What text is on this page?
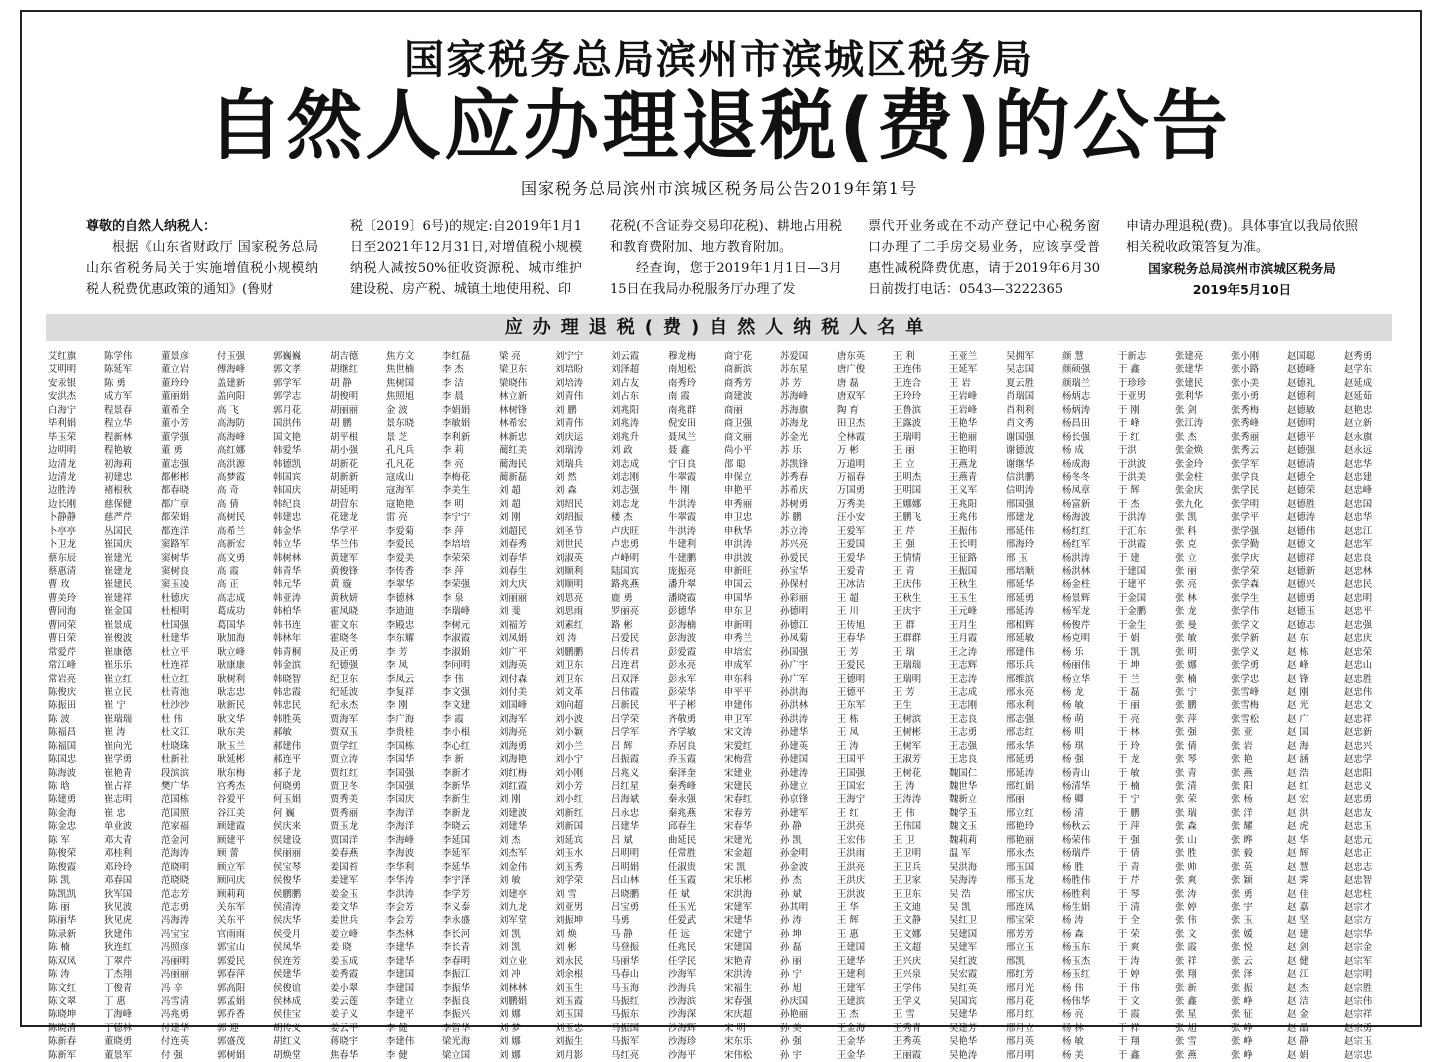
国家税务总局滨州市滨城区税务局
自然人应办理退税(费)的公告
国家税务总局滨州市滨城区税务局公告2019年第1号
尊敬的自然人纳税人：

根据《山东省财政厅 国家税务总局山东省税务局关于实施增值税小规模纳税人税费优惠政策的通知》(鲁财

税〔2019〕6号)的规定:自2019年1月1日至2021年12月31日,对增值税小规模纳税人减按50%征收资源税、城市维护建设税、房产税、城镇土地使用税、印

花税(不含证券交易印花税)、耕地占用税和教育费附加、地方教育附加。

经查询，您于2019年1月1日—3月15日在我局办税服务厅办理了发

票代开业务或在不动产登记中心税务窗口办理了二手房交易业务，应该享受普惠性减税降费优惠，请于2019年6月30日前拨打电话：0543—3222365

申请办理退税(费)。具体事宜以我局依照相关税收政策答复为准。

国家税务总局滨州市滨城区税务局
2019年5月10日
应办理退税(费)自然人纳税人名单
艾红旗
艾明明
安汞银
安洪杰
白海宁
毕利娟
毕玉荣
边明明
边清龙
边清龙
边胜涛
边长刚
卜静静
卜亭亭
卜卫龙
蔡东辰
蔡惠清
曹 玫
曹美玲
曹同海
曹同荣
曹日荣
常爱芹
常江峰
常岩亮
陈俊庆
陈振田
陈 波
陈福昌
陈福国
陈国忠
陈海波
陈 晗
陈建勇
陈金海
陈金忠
陈 军
陈俊荣
陈俊霞
陈 凯
陈凯凯
陈 丽
陈丽华
陈录新
陈 楠
陈双凤
陈 涛
陈文红
陈文翠
陈晓坤
陈晓清
陈新春
陈新军
陈学伟
陈延军
陈 勇
成方军
程景春
程立华
程新林
程艳敏
初海莉
初建忠
褚根秋
慈保健
慈严芹
丛国民
崔国庆
崔建光
崔建龙
崔建民
崔建祥
崔金国
崔景成
崔俊波
崔康德
崔乐乐
崔立红
崔立民
崔 宁
崔瑞瑞
崔 涛
崔向光
崔学勇
崔艳青
崔占祥
崔志明
崔 忠
单业波
邓大青
邓桂利
邓玲玲
邓春国
狄军国
狄见波
狄见虎
狄建伟
狄连红
丁翠芹
丁杰翔
丁俊青
丁 惠
丁海峰
丁德林
董晓勇
董景军
董景彦
董立岩
董玲玲
董丽娟
董希全
董小芳
董学强
董 勇
董志强
都彬彬
都春晓
都广章
都荣娟
都连洋
窦路军
窦树华
窦树良
窦玉凌
杜德庆
杜根明
杜国强
杜建华
杜立平
杜连祥
杜立红
杜青池
杜沙沙
杜 伟
杜文江
杜晓珠
杜新社
段滨滨
樊广华
范国栋
范国照
范家福
范金河
范海涛
范晓明
范晓晓
范志芳
范志勇
冯海涛
冯宝宝
冯照彦
冯丽明
冯丽丽
冯 辛
冯雪清
冯兆勇
付建华
付连英
付 强
付玉强
傅海峰
盖建新
盖向阳
高 飞
高海防
高海峰
高红娜
高洪源
高梦霞
高 奇
高 倩
高树民
高希兰
高新宏
高文勇
高 霞
高 正
高志成
葛成功
葛国华
耿加海
耿立峰
耿康康
耿树利
耿志忠
耿新民
耿文华
耿东美
耿玉兰
耿延彬
耿东梅
宫秀杰
谷爱平
谷江美
顾建霞
顾建平
顾 蕾
顾立军
顾同庆
顾莉莉
关东军
关东平
官雨雨
郭宝山
郭爱民
郭春萍
郭高阳
郭孟娟
郭乔香
郭 迎
郭盛茂
郭树娟
郭巍巍
郭文孝
郭学军
郭学志
郭月花
国洪伟
国文艳
韩爱华
韩德凯
韩国宾
韩国庆
韩纪良
韩建忠
韩金华
韩立华
韩树林
韩青华
韩元华
韩亚涛
韩柏华
韩书连
韩林年
韩青桐
韩金滨
韩晓智
韩忠霞
韩忠民
韩胜英
郝敏
郝建伟
郝连平
郝子龙
何晓勇
何玉娟
何 巍
侯庆来
侯建设
侯丽丽
侯宝琴
侯俊华
侯鹏鹏
侯清涛
侯庆华
侯受月
侯凤华
侯连芳
侯建华
侯俊谊
侯林成
侯佳宝
胡传义
胡红义
胡焕堂
胡吉德
胡继红
胡 静
胡俊明
胡丽丽
胡 鹏
胡平根
胡小强
胡新花
胡新新
胡延明
胡营东
花建龙
华学平
华兰伟
黄建军
黄俊锋
黄 璇
黄秋妍
霍凤晓
霍文东
霍晓冬
及正勇
纪德强
纪卫东
纪延波
纪永杰
贾海军
贾双玉
贾学红
贾立涛
贾红红
贾卫冬
贾秀美
贾秀丽
贾玉龙
贾国洋
姜春燕
姜国苔
姜建军
姜金玉
姜文华
姜世兵
姜立峰
姜 晓
姜玉成
姜秀霞
姜小翠
姜云莲
姜子义
姜云平
蒋晓宇
焦春华
焦方文
焦世楠
焦树国
焦照旭
金 波
景东晓
景 芝
孔凡兵
孔凡花
寇成山
寇海军
寇艳艳
雷 亮
李爱菊
李爱民
李爱美
李传香
李翠华
李德林
李迪迪
李殿忠
李东耀
李 芳
李 凤
李凤云
李复祥
李 刚
李广海
李贵桂
李国栋
李国华
李国强
李国强
李国庆
李海洋
李海洋
李海峰
李海波
李华利
李华涛
李洪涛
李会芳
李会芳
李杰林
李建华
李建华
李建国
李建国
李建立
李建平
李 健
李建伟
李 健
李红磊
李 杰
李 洁
李 晨
李娟娟
李敏娟
李利新
李 莉
李 亮
李梅花
李美生
李 明
李宁宁
李 萍
李培培
李荣荣
李 萍
李荣强
李 泉
李瑞峰
李树元
李淑霞
李淑娟
李同明
李 伟
李文强
李文建
李 霞
李小根
李心红
李 新
李新才
李新华
李新生
李新龙
李晓云
李延国
李延军
李延华
李宇泽
李学芳
李义泰
李永盛
李长河
李长青
李春明
李振江
李振华
李振良
李振兴
李智华
梁光海
梁立国
梁 亮
梁卫东
梁晓伟
林立新
林树锋
林希宏
林新忠
蔺红美
蔺海民
蔺新磊
刘 超
刘 超
刘 刚
刘超民
刘春秀
刘春华
刘春生
刘大庆
刘丽丽
刘 斐
刘福芳
刘凤娟
刘广平
刘海英
刘付森
刘付美
刘国峰
刘海军
刘海亮
刘海勇
刘海艳
刘红梅
刘红霞
刘 刚
刘建波
刘建华
刘 杰
刘杰军
刘金伟
刘 敏
刘建亭
刘九龙
刘军堂
刘 凯
刘 凯
刘立业
刘 冲
刘林林
刘鹏娟
刘 娜
刘 梦
刘 娜
刘 娜
刘宁宁
刘培盼
刘培涛
刘青伟
刘 鹏
刘青伟
刘庆运
刘瑞涛
刘瑞兵
刘 然
刘 森
刘绍民
刘绍振
刘圣节
刘世民
刘淑英
刘顺利
刘顺明
刘思亮
刘思雨
刘素红
刘 涛
刘鹏鹏
刘卫东
刘卫东
刘文革
刘向超
刘小波
刘小颖
刘小兰
刘小宁
刘小刚
刘小芳
刘小红
刘新红
刘新国
刘延宾
刘玉水
刘玉秀
刘学荣
刘 雪
刘亚男
刘振坤
刘 焕
刘 彬
刘永民
刘余根
刘玉生
刘玉霞
刘玉国
刘玉忠
刘振生
刘月影
刘云霞
刘泽超
刘占友
刘占东
刘兆阳
刘兆涛
刘兆升
刘 政
刘志成
刘志刚
刘志强
刘志龙
楼 杰
卢庆旺
卢忠勇
卢峰明
陆国宾
路兆燕
鹿 勇
罗丽亮
路 彬
吕爱民
吕传君
吕连君
吕双泽
吕伟霞
吕新民
吕学荣
吕学军
吕 辉
吕振霞
吕兆义
吕红星
吕海斌
吕永忠
吕建华
吕 斌
吕明明
吕明娟
吕山林
吕晓鹏
吕宝勇
马勇
马 静
马登振
马丽华
马春山
马玉海
马振红
马振东
马振国
马振军
马红亮
穆龙梅
南旭松
南秀玲
南 霞
南兆群
倪安田
聂凤兰
聂 鑫
宁日良
牛翠霞
牛 刚
牛洪涛
牛翠霞
牛洪涛
牛建利
牛建鹏
庞振亮
潘升翠
潘晓霞
彭德华
彭海楠
彭海波
彭爱霞
彭永亮
彭永军
彭荣华
平子彬
齐敬勇
齐学敏
乔居良
乔玉霞
秦泽奎
秦秀峰
秦永强
秦兆燕
邱春生
曲延民
任常胜
任淑贵
任玉霞
任 斌
任玉光
任爱武
任 远
任兆民
任学民
沙海军
沙海兵
沙海滨
沙海深
沙海辉
沙海珍
沙海平
商宁花
商新滨
商秀芳
商建波
商丽
商卫强
商文丽
尚小平
邵 聪
申保立
申艳平
申秀丽
申卫忠
申秋华
申洪涛
申洪波
申新旺
申国云
申国华
申东卫
申新明
申秀兰
申培宏
申成军
申东科
申平平
申建伟
申卫军
宋文涛
宋爱红
宋梅营
宋建业
宋建民
宋春红
宋春芳
宋春华
宋建光
宋金超
宋 凯
宋乐彬
宋洪海
宋建军
宋建华
宋建宁
宋建国
宋艳青
宋洪涛
宋福生
宋春强
宋庆超
宋 明
宋东乐
宋伟松
苏爱国
苏东星
苏 芳
苏海峰
苏海旗
苏海龙
苏金光
苏 乐
苏凯锋
苏秀春
苏希庆
苏树勇
苏 鹏
苏立涛
苏兴亮
孙爱民
孙宝华
孙保村
孙彩丽
孙德明
孙德江
孙凤菊
孙国强
孙广宇
孙广军
孙洪海
孙洪林
孙洪涛
孙建华
孙建英
孙建国
孙建涛
孙建立
孙京锋
孙建军
孙 静
孙 凯
孙金明
孙金波
孙 杰
孙 斌
孙其明
孙 涛
孙 坤
孙 磊
孙 丽
孙 宁
孙 旭
孙庆国
孙艳丽
孙 美
孙 强
孙 宇
唐东英
唐广俊
唐 磊
唐双军
陶 育
田卫杰
仝林霞
万 彬
万道明
万福春
万国勇
万秀美
汪小安
王爱军
王爱国
王爱华
王爱青
王冰洁
王 超
王 川
王传旭
王春华
王 芳
王爱民
王德明
王德平
王东军
王 栋
王 凤
王 涛
王国平
王国强
王国宏
王海宁
王 红
王洪亮
王宏伟
王洪雨
王洪亮
王洪庆
王洪波
王 华
王 辉
王 惠
王建国
王建华
王建利
王建军
王建滨
王 杰
王金海
王金华
王金华
王 利
王连伟
王连合
王玲玲
王鲁滨
王露波
王瑞明
王 丽
王 立
王明杰
王明国
王娜娜
王鹏飞
王 芹
王 强
王情情
王 青
王庆伟
王秋生
王庆宇
王 群
王群群
王 瑞
王瑞瑞
王瑞明
王 芳
王生
王树滨
王树彬
王树军
王淑芳
王树花
王 涛
王涛涛
王 伟
王伟国
王 卫
王卫明
王卫兵
王卫家
王卫东
王文迪
王文静
王文娜
王文超
王兴庆
王兴泉
王学伟
王学义
王 雪
王秀青
王秀英
王丽霞
王亚兰
王延军
王 岩
王岩峰
王岩峰
王艳华
王艳丽
王艳明
王燕龙
王燕青
王义军
王兆阳
王兆伟
王振伟
王长明
王征路
王振国
王秋生
王玉生
王元峰
王月生
王月霞
王之涛
王志辉
王志涛
王志成
王志刚
王志良
王志勇
王志强
王忠良
魏国仁
魏世华
魏新立
魏学玉
魏文玉
魏莉莉
温 军
吴洪海
吴海涛
吴 浩
吴 凯
吴红卫
吴建国
吴建军
吴红波
吴宏霞
吴红英
吴国宾
吴建华
吴建芳
吴艳华
吴艳涛
吴拥军
吴志国
夏云胜
肖瑞国
肖利利
肖文秀
谢国强
谢德波
谢继华
信洪鹏
信明涛
邢国强
邢建龙
邢延伟
邢海玲
邢 玉
邢培顺
邢延华
邢延勇
邢延涛
邢相辉
邢延敏
邢建伟
邢乐兵
邢维滨
邢永亮
邢永利
邢志强
邢志红
邢永华
邢延勇
邢延涛
邢红娟
邢丽
邢立红
邢艳玲
邢艳丽
邢永杰
邢玉国
邢玉龙
邢宝庆
邢连凤
邢宝荣
邢芳芳
邢立玉
邢凯
邢红芳
邢月光
邢月花
邢月红
邢月立
邢月英
邢月明
颜 慧
颜硕强
颜瑞兰
杨炳志
杨炳涛
杨昌田
杨长强
杨 成
杨成海
杨冬冬
杨凤章
杨富新
杨海波
杨红红
杨红军
杨洪涛
杨洪林
杨金柱
杨景辉
杨军龙
杨俊芹
杨克明
杨 乐
杨丽伟
杨立华
杨 龙
杨 敏
杨 萌
杨 明
杨 琪
杨 强
杨青山
杨清华
杨 卿
杨 清
杨秋云
杨荣伟
杨瑞芹
杨 胜
杨胜伟
杨胜利
杨生娟
杨 涛
杨 森
杨玉东
杨玉杰
杨玉红
杨 伟
杨伟华
杨 亮
杨 林
杨 敏
杨 美
于新志
于 鑫
于珍珍
于亚男
于 刚
于 峰
于 红
于洪
于洪波
于洪美
于 辉
于 杰
于洪涛
于汇东
于洪霞
于 建
于建国
于建平
于金国
于金鹏
于金生
于 娟
于 凯
于 坤
于 兰
于 磊
于 丽
于 亮
于 林
于 玲
于 龙
于 敏
于 楠
于 宁
于 鹏
于 萍
于 强
于 倩
于 青
于 芹
于 琴
于 清
于 全
于 荣
于 爽
于 涛
于 婷
于 伟
于 文
于 霞
于 祥
于 翔
于 鑫
张建亮
张建华
张建民
张利华
张 剑
张江涛
张 杰
张金焕
张金玲
张金柱
张金庆
张九化
张 凯
张 科
张 克
张 立
张 丽
张 亮
张 林
张 龙
张 曼
张 敏
张 明
张 娜
张 楠
张 宁
张 鹏
张 萍
张 强
张 倩
张 琴
张 青
张 清
张 荣
张 瑞
张 森
张 山
张 胜
张 帅
张 爽
张 涛
张 婷
张 伟
张 文
张 霞
张 祥
张 翔
张 新
张 鑫
张 星
张 旭
张 雪
张 燕
张小刚
张小路
张小美
张小勇
张秀梅
张秀峰
张秀丽
张秀云
张学军
张学良
张学民
张学明
张学平
张学强
张学勤
张学庆
张学荣
张学森
张学生
张学伟
张学文
张学新
张学义
张学勇
张学忠
张雪峰
张雪梅
张雪松
张 亚
张 岩
张 艳
张 燕
张 阳
张 杨
张 洋
张 耀
张 晔
张 毅
张 英
张 颖
张 勇
张 宇
张 玉
张 媛
张 悦
张 云
张 泽
张 振
张 峥
张 征
张 峥
张 峥
张 峥
赵国聪
赵德峰
赵德礼
赵德利
赵德敏
赵德明
赵德平
赵德强
赵德清
赵德全
赵德荣
赵德胜
赵德涛
赵德伟
赵德文
赵德祥
赵德新
赵德兴
赵德勇
赵德玉
赵德志
赵 东
赵 栋
赵 峰
赵 锋
赵 刚
赵 光
赵 广
赵 国
赵 海
赵 涵
赵 浩
赵 红
赵 宏
赵 洪
赵 虎
赵 华
赵 辉
赵 慧
赵 霁
赵 佳
赵 嘉
赵 坚
赵 建
赵 剑
赵 健
赵 江
赵 杰
赵 洁
赵 金
赵 晶
赵 静
赵 娟
赵秀勇
赵学东
赵延成
赵延茹
赵艳忠
赵立新
赵永旗
赵永远
赵忠华
赵忠建
赵忠峰
赵忠国
赵忠华
赵忠江
赵忠军
赵忠良
赵忠林
赵忠民
赵忠明
赵忠平
赵忠强
赵忠庆
赵忠荣
赵忠山
赵忠胜
赵忠伟
赵忠文
赵忠祥
赵忠新
赵忠兴
赵忠学
赵忠阳
赵忠义
赵忠勇
赵忠友
赵忠玉
赵忠元
赵忠正
赵忠志
赵忠智
赵忠柱
赵宗才
赵宗方
赵宗华
赵宗金
赵宗军
赵宗明
赵宗胜
赵宗伟
赵宗祥
赵宗勇
赵宗玉
赵宗忠
